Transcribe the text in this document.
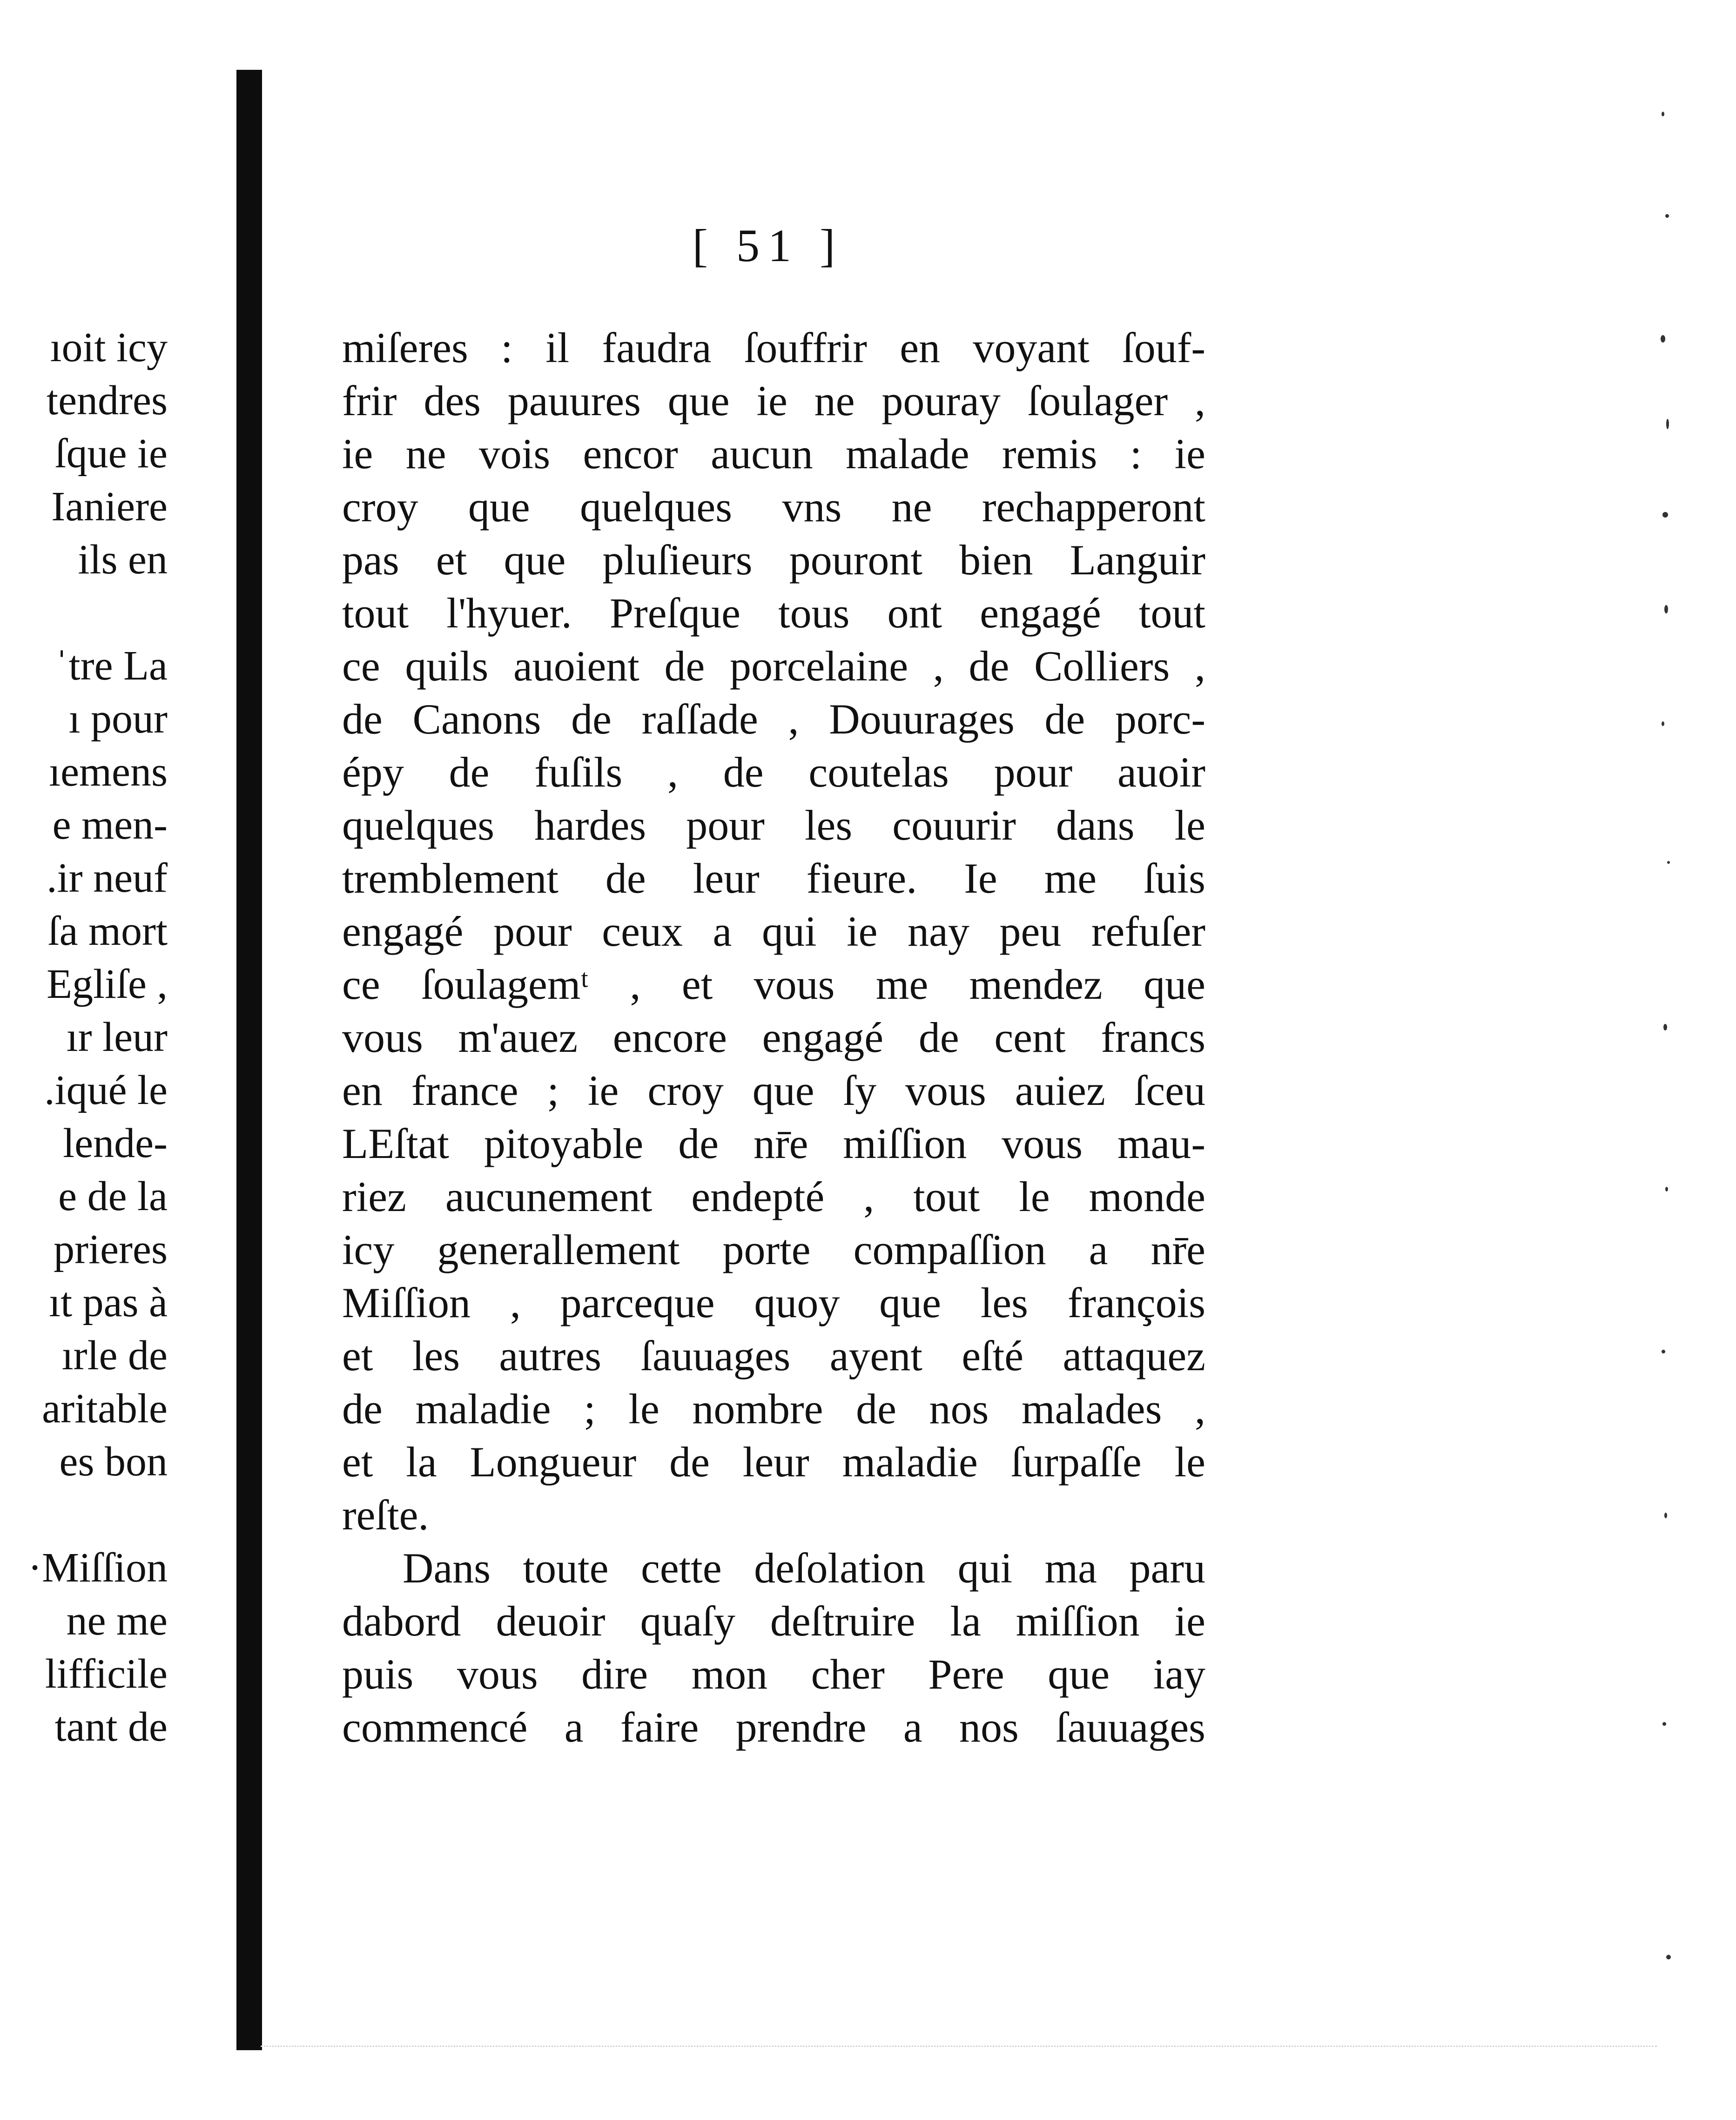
ıoit icy
tendres
ſque ie
Ianiere
ils en
ˈtre La
ı pour
ıemens
e men-
.ir neuf
ſa mort
Egliſe ,
ır leur
.iqué le
lende-
e de la
prieres
ıt pas à
ırle de
aritable
es bon
·Miſſion
ne me
lifficile
tant de
[ 51 ]
miſeres : il faudra ſouffrir en voyant ſouf-
frir des pauures que ie ne pouray ſoulager ,
ie ne vois encor aucun malade remis : ie
croy que quelques vns ne rechapperont
pas et que pluſieurs pouront bien Languir
tout l'hyuer. Preſque tous ont engagé tout
ce quils auoient de porcelaine , de Colliers ,
de Canons de raſſade , Douurages de porc-
épy de fuſils , de coutelas pour auoir
quelques hardes pour les couurir dans le
tremblement de leur fieure. Ie me ſuis
engagé pour ceux a qui ie nay peu refuſer
ce ſoulagemᵗ , et vous me mendez que
vous m'auez encore engagé de cent francs
en france ; ie croy que ſy vous auiez ſceu
LEſtat pitoyable de nr̄e miſſion vous mau-
riez aucunement endepté , tout le monde
icy generallement porte compaſſion a nr̄e
Miſſion , parceque quoy que les françois
et les autres ſauuages ayent eſté attaquez
de maladie ; le nombre de nos malades ,
et la Longueur de leur maladie ſurpaſſe le
reſte.
Dans toute cette deſolation qui ma paru
dabord deuoir quaſy deſtruire la miſſion ie
puis vous dire mon cher Pere que iay
commencé a faire prendre a nos ſauuages
